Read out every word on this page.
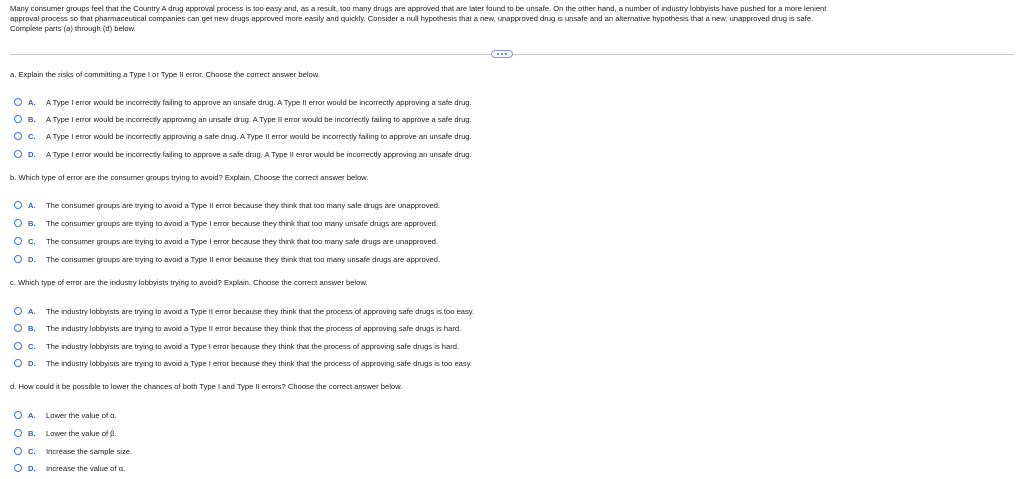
Many consumer groups feel that the Country A drug approval process is too easy and, as a result, too many drugs are approved that are later found to be unsafe. On the other hand, a number of industry lobbyists have pushed for a more lenient
approval process so that pharmaceutical companies can get new drugs approved more easily and quickly. Consider a null hypothesis that a new, unapproved drug is unsafe and an alternative hypothesis that a new, unapproved drug is safe.
Complete parts (a) through (d) below.
a. Explain the risks of committing a Type I or Type II error. Choose the correct answer below.
A.	A Type I error would be incorrectly failing to approve an unsafe drug. A Type II error would be incorrectly approving a safe drug.
B.	A Type I error would be incorrectly approving an unsafe drug. A Type II error would be incorrectly failing to approve a safe drug.
C.	A Type I error would be incorrectly approving a safe drug. A Type II error would be incorrectly failing to approve an unsafe drug.
D.	A Type I error would be incorrectly failing to approve a safe drug. A Type II error would be incorrectly approving an unsafe drug.
b. Which type of error are the consumer groups trying to avoid? Explain. Choose the correct answer below.
A.	The consumer groups are trying to avoid a Type II error because they think that too many safe drugs are unapproved.
B.	The consumer groups are trying to avoid a Type I error because they think that too many unsafe drugs are approved.
C.	The consumer groups are trying to avoid a Type I error because they think that too many safe drugs are unapproved.
D.	The consumer groups are trying to avoid a Type II error because they think that too many unsafe drugs are approved.
c. Which type of error are the industry lobbyists trying to avoid? Explain. Choose the correct answer below.
A.	The industry lobbyists are trying to avoid a Type II error because they think that the process of approving safe drugs is too easy.
B.	The industry lobbyists are trying to avoid a Type II error because they think that the process of approving safe drugs is hard.
C.	The industry lobbyists are trying to avoid a Type I error because they think that the process of approving safe drugs is hard.
D.	The industry lobbyists are trying to avoid a Type I error because they think that the process of approving safe drugs is too easy.
d. How could it be possible to lower the chances of both Type I and Type II errors? Choose the correct answer below.
A.	Lower the value of α.
B.	Lower the value of β.
C.	Increase the sample size.
D.	Increase the value of α.
